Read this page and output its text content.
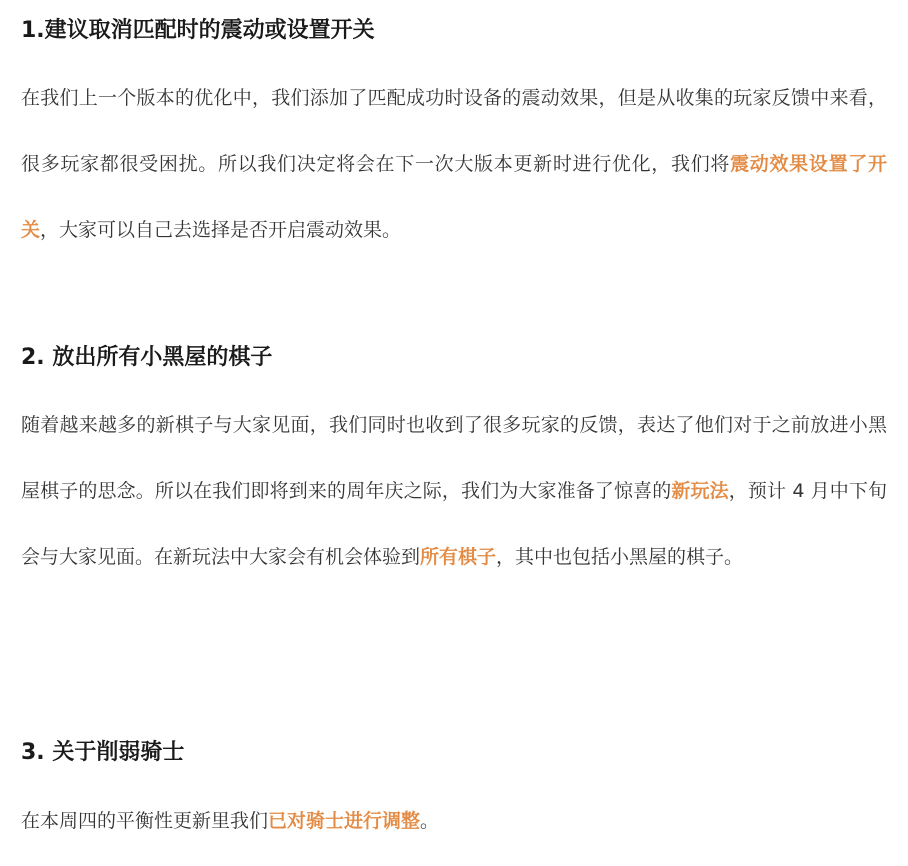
1.建议取消匹配时的震动或设置开关

在我们上一个版本的优化中，我们添加了匹配成功时设备的震动效果，但是从收集的玩家反馈中来看，很多玩家都很受困扰。所以我们决定将会在下一次大版本更新时进行优化，我们将震动效果设置了开关，大家可以自己去选择是否开启震动效果。

2. 放出所有小黑屋的棋子

随着越来越多的新棋子与大家见面，我们同时也收到了很多玩家的反馈，表达了他们对于之前放进小黑屋棋子的思念。所以在我们即将到来的周年庆之际，我们为大家准备了惊喜的新玩法，预计 4 月中下旬会与大家见面。在新玩法中大家会有机会体验到所有棋子，其中也包括小黑屋的棋子。

3. 关于削弱骑士

在本周四的平衡性更新里我们已对骑士进行调整。
